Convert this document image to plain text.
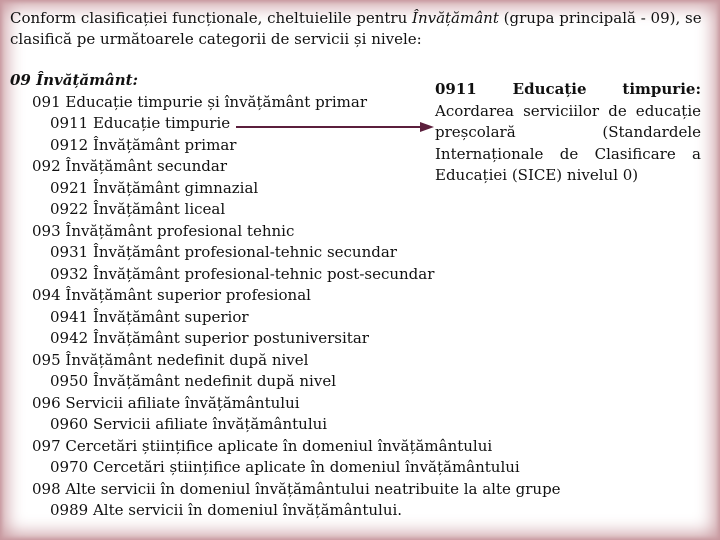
Conform clasificației funcționale, cheltuielile pentru Învățământ (grupa principală - 09), se clasifică pe următoarele categorii de servicii și nivele:
09 Învățământ:
091 Educație timpurie și învățământ primar
0911 Educație timpurie
0912 Învățământ primar
092 Învățământ secundar
0921 Învățământ gimnazial
0922 Învățământ liceal
093 Învățământ profesional tehnic
0931 Învățământ profesional-tehnic secundar
0932 Învățământ profesional-tehnic post-secundar
094 Învățământ superior profesional
0941 Învățământ superior
0942 Învățământ superior postuniversitar
095 Învățământ nedefinit după nivel
0950 Învățământ nedefinit după nivel
096 Servicii afiliate învățământului
0960 Servicii afiliate învățământului
097 Cercetări științifice aplicate în domeniul învățământului
0970 Cercetări științifice aplicate în domeniul învățământului
098 Alte servicii în domeniul învățământului neatribuite la alte grupe
0989 Alte servicii în domeniul învățământului.
0911 Educație timpurie: Acordarea serviciilor de educație preșcolară (Standardele Internaționale de Clasificare a Educației (SICE) nivelul 0)
